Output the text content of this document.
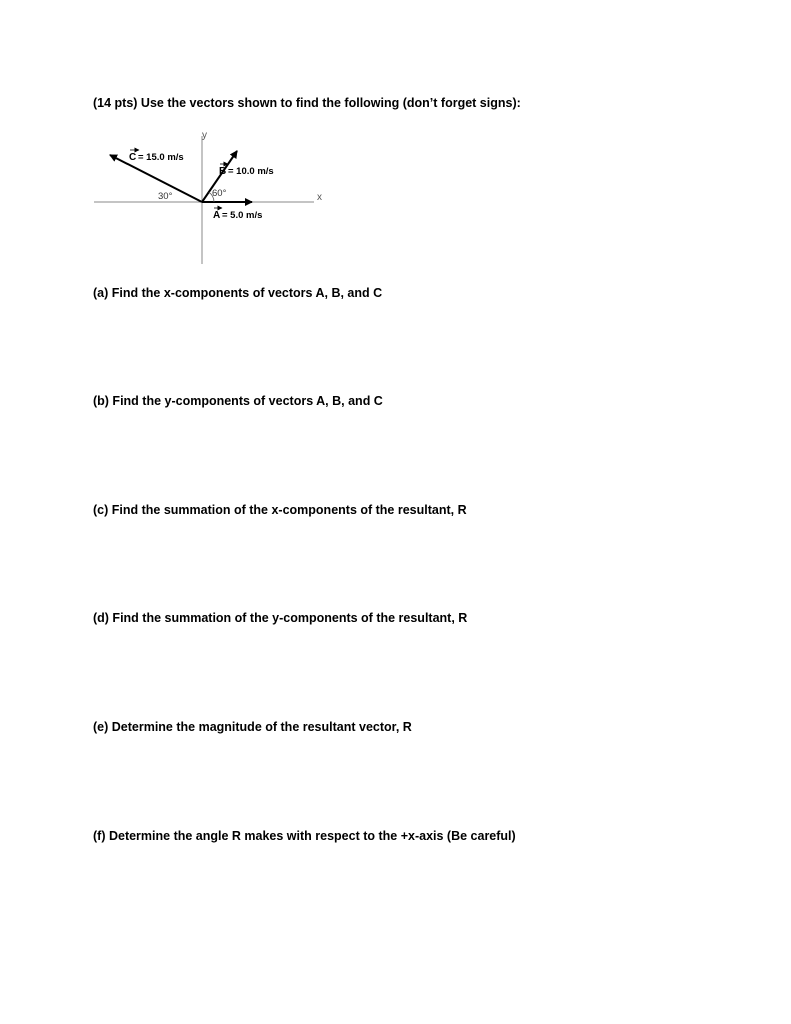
(14 pts) Use the vectors shown to find the following (don’t forget signs):
y
x
30°	60°
C = 15.0 m/s
B = 10.0 m/s
A = 5.0 m/s
(a) Find the x-components of vectors A, B, and C
(b) Find the y-components of vectors A, B, and C
(c) Find the summation of the x-components of the resultant, R
(d) Find the summation of the y-components of the resultant, R
(e) Determine the magnitude of the resultant vector, R
(f) Determine the angle R makes with respect to the +x-axis (Be careful)
